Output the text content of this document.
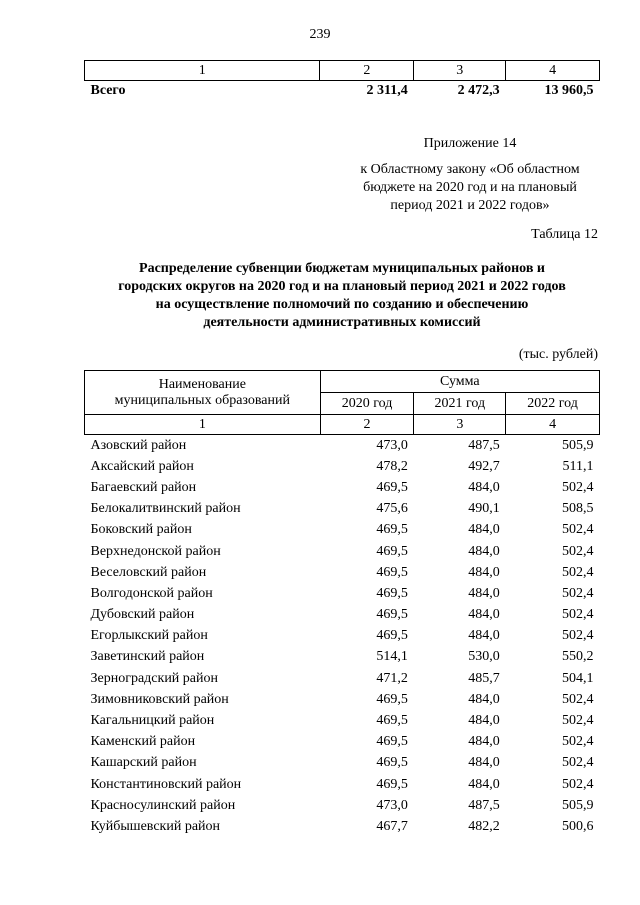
239
1	2	3	4
Всего	2 311,4	2 472,3	13 960,5
Приложение 14
к Областному закону «Об областном
бюджете на 2020 год и на плановый
период 2021 и 2022 годов»
Таблица 12
Распределение субвенции бюджетам муниципальных районов и
городских округов на 2020 год и на плановый период 2021 и 2022 годов
на осуществление полномочий по созданию и обеспечению
деятельности административных комиссий
(тыс. рублей)
Наименование
муниципальных образований	Сумма		
	2020 год	2021 год	2022 год
1	2	3	4
Азовский район	473,0	487,5	505,9
Аксайский район	478,2	492,7	511,1
Багаевский район	469,5	484,0	502,4
Белокалитвинский район	475,6	490,1	508,5
Боковский район	469,5	484,0	502,4
Верхнедонской район	469,5	484,0	502,4
Веселовский район	469,5	484,0	502,4
Волгодонской район	469,5	484,0	502,4
Дубовский район	469,5	484,0	502,4
Егорлыкский район	469,5	484,0	502,4
Заветинский район	514,1	530,0	550,2
Зерноградский район	471,2	485,7	504,1
Зимовниковский район	469,5	484,0	502,4
Кагальницкий район	469,5	484,0	502,4
Каменский район	469,5	484,0	502,4
Кашарский район	469,5	484,0	502,4
Константиновский район	469,5	484,0	502,4
Красносулинский район	473,0	487,5	505,9
Куйбышевский район	467,7	482,2	500,6
